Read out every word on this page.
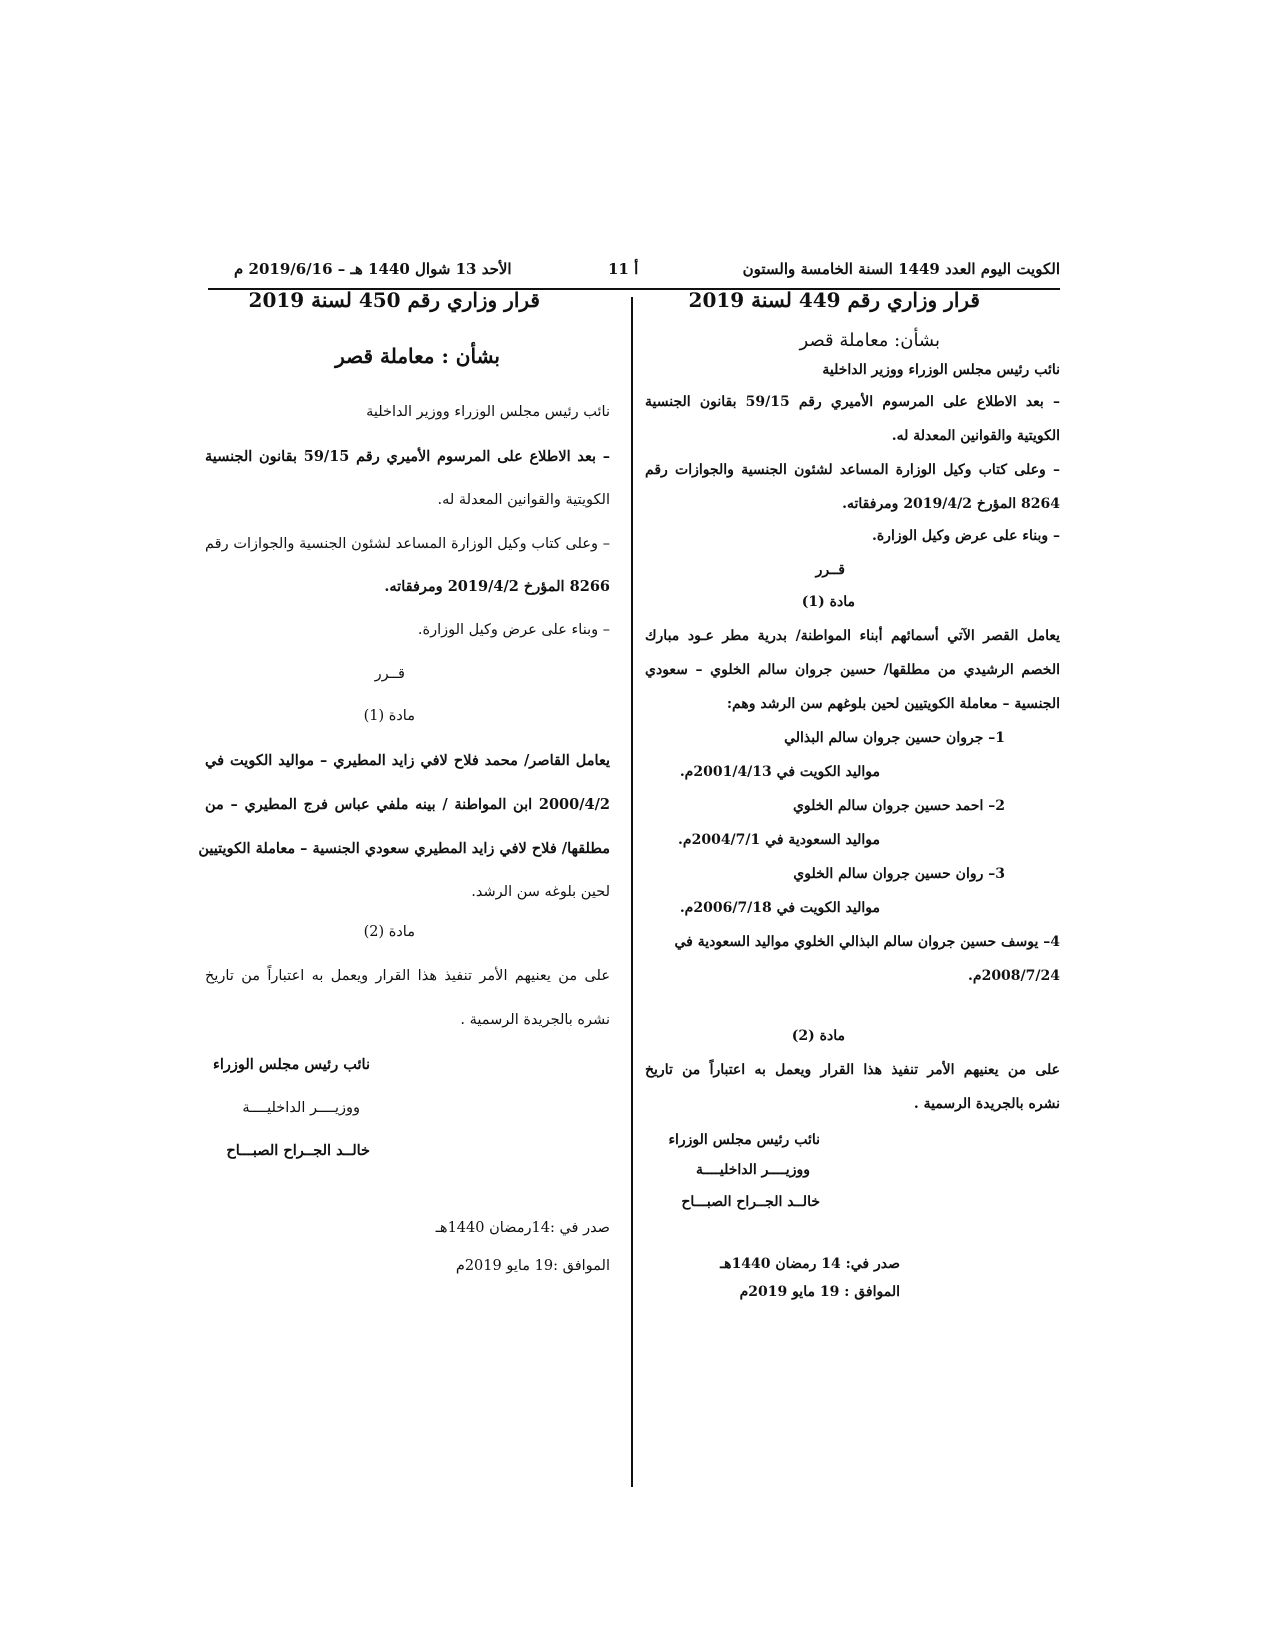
الكويت اليوم العدد 1449 السنة الخامسة والستون
أ 11
الأحد 13 شوال 1440 هـ – 2019/6/16 م
قرار وزاري رقم 449 لسنة 2019
بشأن: معاملة قصر
نائب رئيس مجلس الوزراء ووزير الداخلية
– بعد الاطلاع على المرسوم الأميري رقم 59/15 بقانون الجنسية
الكويتية والقوانين المعدلة له.
– وعلى كتاب وكيل الوزارة المساعد لشئون الجنسية والجوازات رقم
8264 المؤرخ 2019/4/2 ومرفقاته.
– وبناء على عرض وكيل الوزارة.
قــرر
مادة (1)
يعامل القصر الآتي أسمائهم أبناء المواطنة/ بدرية مطر عـود مبارك
الخصم الرشيدي من مطلقها/ حسين جروان سالم الخلوي – سعودي
الجنسية – معاملة الكويتيين لحين بلوغهم سن الرشد وهم:
1– جروان حسين جروان سالم البذالي
مواليد الكويت في 2001/4/13م.
2– احمد حسين جروان سالم الخلوي
مواليد السعودية في 2004/7/1م.
3– روان حسين جروان سالم الخلوي
مواليد الكويت في 2006/7/18م.
4– يوسف حسين جروان سالم البذالي الخلوي مواليد السعودية في
2008/7/24م.
مادة (2)
على من يعنيهم الأمر تنفيذ هذا القرار ويعمل به اعتباراً من تاريخ
نشره بالجريدة الرسمية .
نائب رئيس مجلس الوزراء
ووزيــــر الداخليــــة
خالــد الجــراح الصبـــاح
صدر في: 14 رمضان 1440هـ
الموافق : 19 مايو 2019م
قرار وزاري رقم 450 لسنة 2019
بشأن : معاملة قصر
نائب رئيس مجلس الوزراء ووزير الداخلية
– بعد الاطلاع على المرسوم الأميري رقم 59/15 بقانون الجنسية
الكويتية والقوانين المعدلة له.
– وعلى كتاب وكيل الوزارة المساعد لشئون الجنسية والجوازات رقم
8266 المؤرخ 2019/4/2 ومرفقاته.
– وبناء على عرض وكيل الوزارة.
قــرر
مادة (1)
يعامل القاصر/ محمد فلاح لافي زايد المطيري – مواليد الكويت في
2000/4/2 ابن المواطنة / بينه ملفي عباس فرج المطيري – من
مطلقها/ فلاح لافي زايد المطيري سعودي الجنسية – معاملة الكويتيين
لحين بلوغه سن الرشد.
مادة (2)
على من يعنيهم الأمر تنفيذ هذا القرار ويعمل به اعتباراً من تاريخ
نشره بالجريدة الرسمية .
نائب رئيس مجلس الوزراء
ووزيــــر الداخليــــة
خالــد الجــراح الصبـــاح
صدر في :14رمضان 1440هـ
الموافق :19 مايو 2019م
